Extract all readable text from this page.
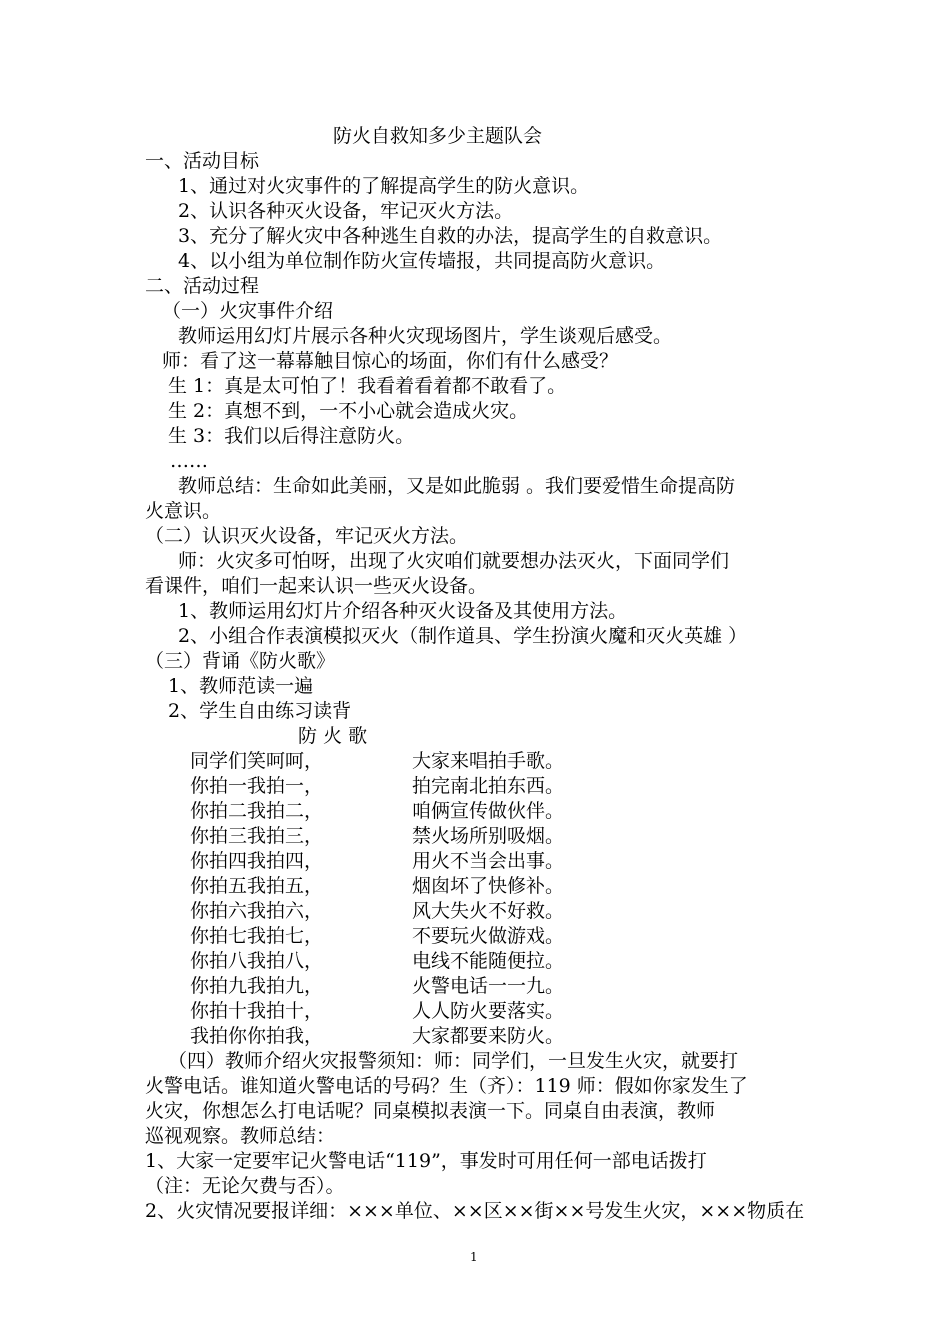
防火自救知多少主题队会
一、活动目标
1、通过对火灾事件的了解提高学生的防火意识。
2、认识各种灭火设备，牢记灭火方法。
3、充分了解火灾中各种逃生自救的办法，提高学生的自救意识。
4、以小组为单位制作防火宣传墙报，共同提高防火意识。
二、活动过程
（一）火灾事件介绍
教师运用幻灯片展示各种火灾现场图片，学生谈观后感受。
师：看了这一幕幕触目惊心的场面，你们有什么感受？
生 1：真是太可怕了！我看着看着都不敢看了。
生 2：真想不到，一不小心就会造成火灾。
生 3：我们以后得注意防火。
……
教师总结：生命如此美丽，又是如此脆弱 。我们要爱惜生命提高防
火意识。
（二）认识灭火设备，牢记灭火方法。
师：火灾多可怕呀，出现了火灾咱们就要想办法灭火，下面同学们
看课件，咱们一起来认识一些灭火设备。
1、教师运用幻灯片介绍各种灭火设备及其使用方法。
2、小组合作表演模拟灭火（制作道具、学生扮演火魔和灭火英雄 ）
（三）背诵《防火歌》
1、教师范读一遍
2、学生自由练习读背
防 火 歌
同学们笑呵呵，	大家来唱拍手歌。
你拍一我拍一，	拍完南北拍东西。
你拍二我拍二，	咱俩宣传做伙伴。
你拍三我拍三，	禁火场所别吸烟。
你拍四我拍四，	用火不当会出事。
你拍五我拍五，	烟囱坏了快修补。
你拍六我拍六，	风大失火不好救。
你拍七我拍七，	不要玩火做游戏。
你拍八我拍八，	电线不能随便拉。
你拍九我拍九，	火警电话一一九。
你拍十我拍十，	人人防火要落实。
我拍你你拍我，	大家都要来防火。
（四）教师介绍火灾报警须知：师：同学们，一旦发生火灾，就要打
火警电话。谁知道火警电话的号码？生（齐）：119 师：假如你家发生了
火灾，你想怎么打电话呢？同桌模拟表演一下。同桌自由表演，教师
巡视观察。教师总结：
1、大家一定要牢记火警电话“119”，事发时可用任何一部电话拨打
（注：无论欠费与否）。
2、火灾情况要报详细：×××单位、××区××街××号发生火灾，×××物质在
1
